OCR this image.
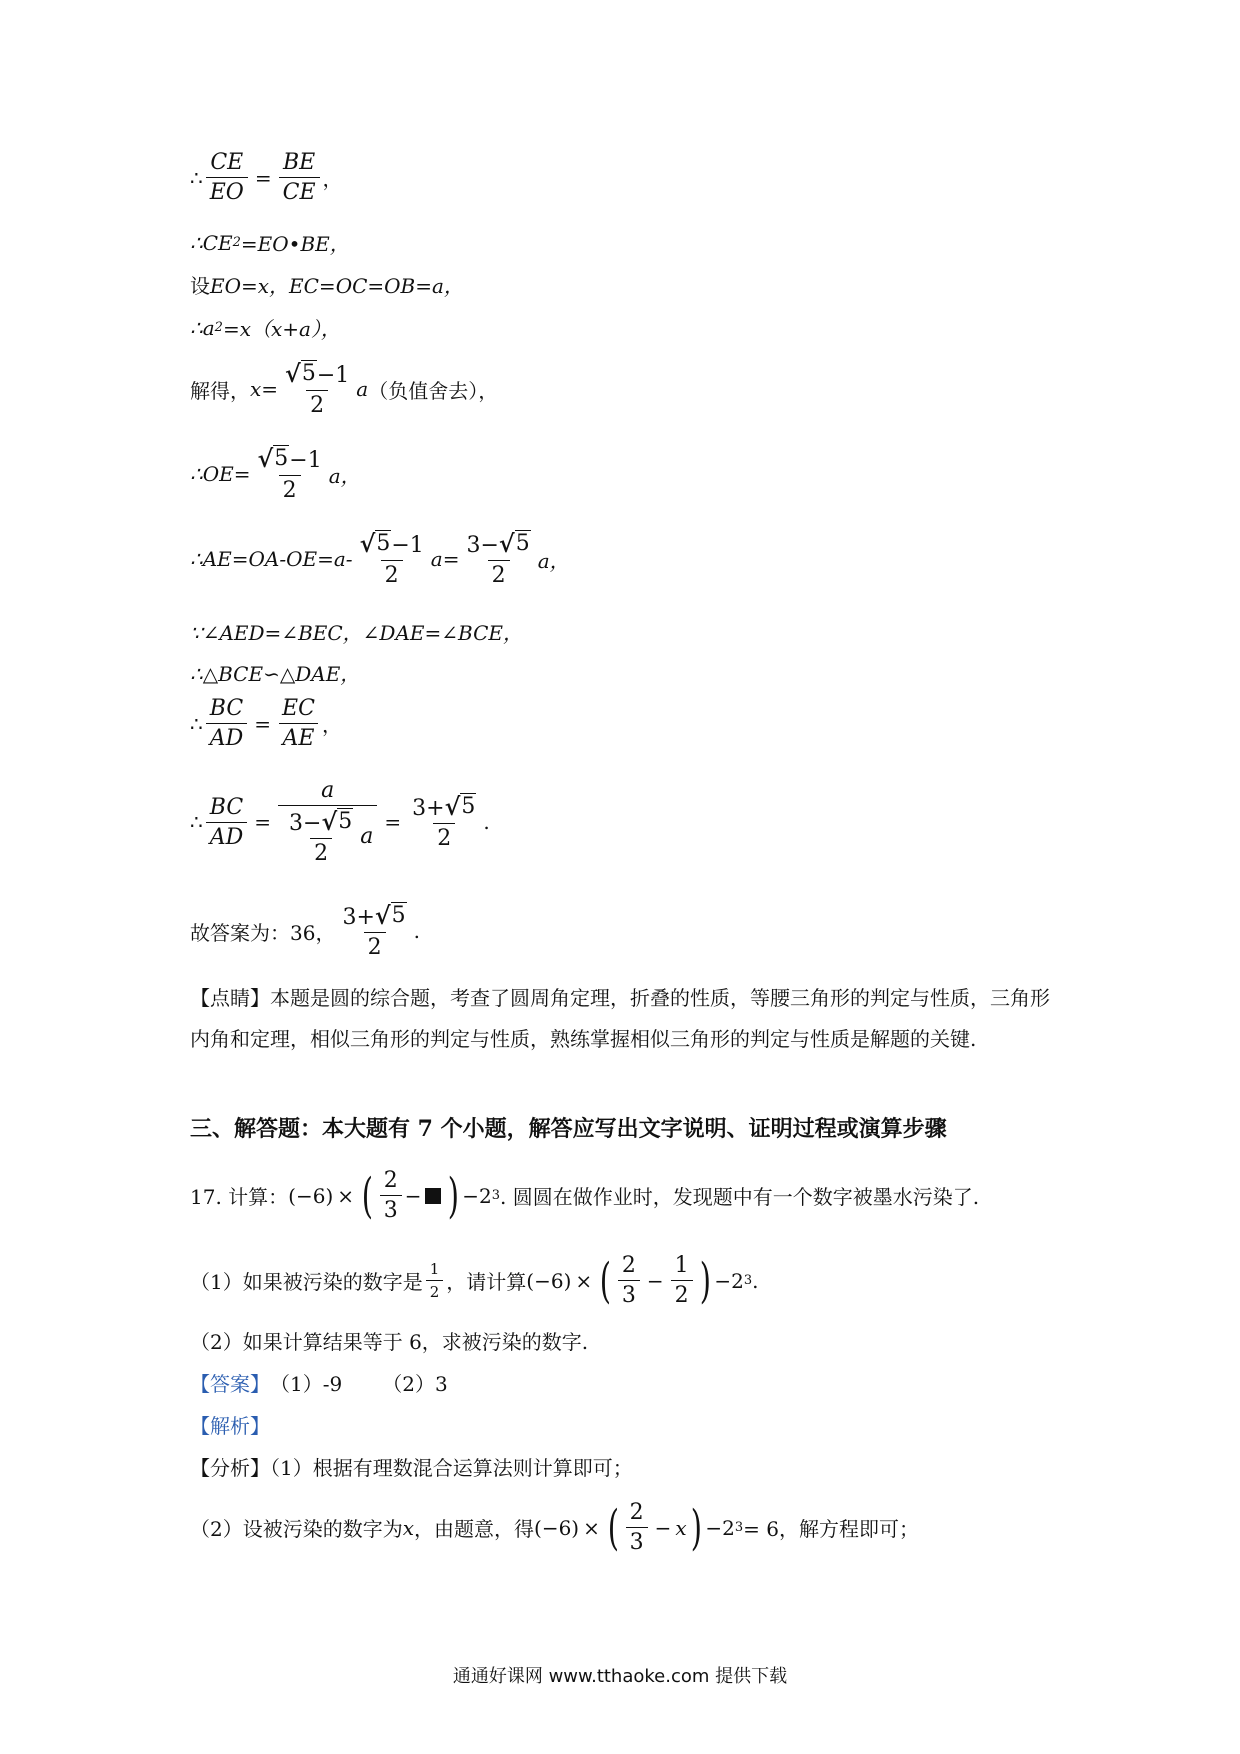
∴ $\frac{CE}{EO} = \frac{BE}{CE}$ ，
∴CE 2 =EO•BE，
设 EO=x，EC=OC=OB=a，
∴a 2 =x（x+a），
解得， $x= \frac{√ 5 -1}{2}$ a （负值舍去），
∴OE= $\frac{√ 5 -1}{2}$ a，
∴AE=OA-OE=a- $\frac{√ 5 -1}{2} a= \frac{3- √ 5}{2}$ a，
∵∠AED=∠BEC，∠DAE=∠BCE，
∴△BCE∽△DAE，
∴ $\frac{BC}{AD} = \frac{EC}{AE}$ ，
∴ $\frac{BC}{AD} = \frac{a}{\frac{3- √ 5}{2} a} = \frac{3+ √ 5}{2}$ .
故答案为：36， $\frac{3+ √ 5}{2}$ .
【点睛】本题是圆的综合题，考查了圆周角定理，折叠的性质，等腰三角形的判定与性质，三角形内角和定理，相似三角形的判定与性质，熟练掌握相似三角形的判定与性质是解题的关键.
三、解答题：本大题有 7 个小题，解答应写出文字说明、证明过程或演算步骤
17. 计算： (−6) × ( $\frac{2}{3}$ − ) −2 3 . 圆圆在做作业时，发现题中有一个数字被墨水污染了.
（1）如果被污染的数字是 $\frac{1}{2}$ ，请计算 (−6) × ( $\frac{2}{3} - \frac{1}{2}$ ) −2 3 .
（2）如果计算结果等于 6，求被污染的数字.
【答案】 （1）-9 （2）3
【解析】
【分析】（1）根据有理数混合运算法则计算即可；
（2）设被污染的数字为 x ，由题意，得 (−6) × ( $\frac{2}{3} - x$ ) −2 3 = 6，解方程即可；
通通好课网 www.tthaoke.com 提供下载
